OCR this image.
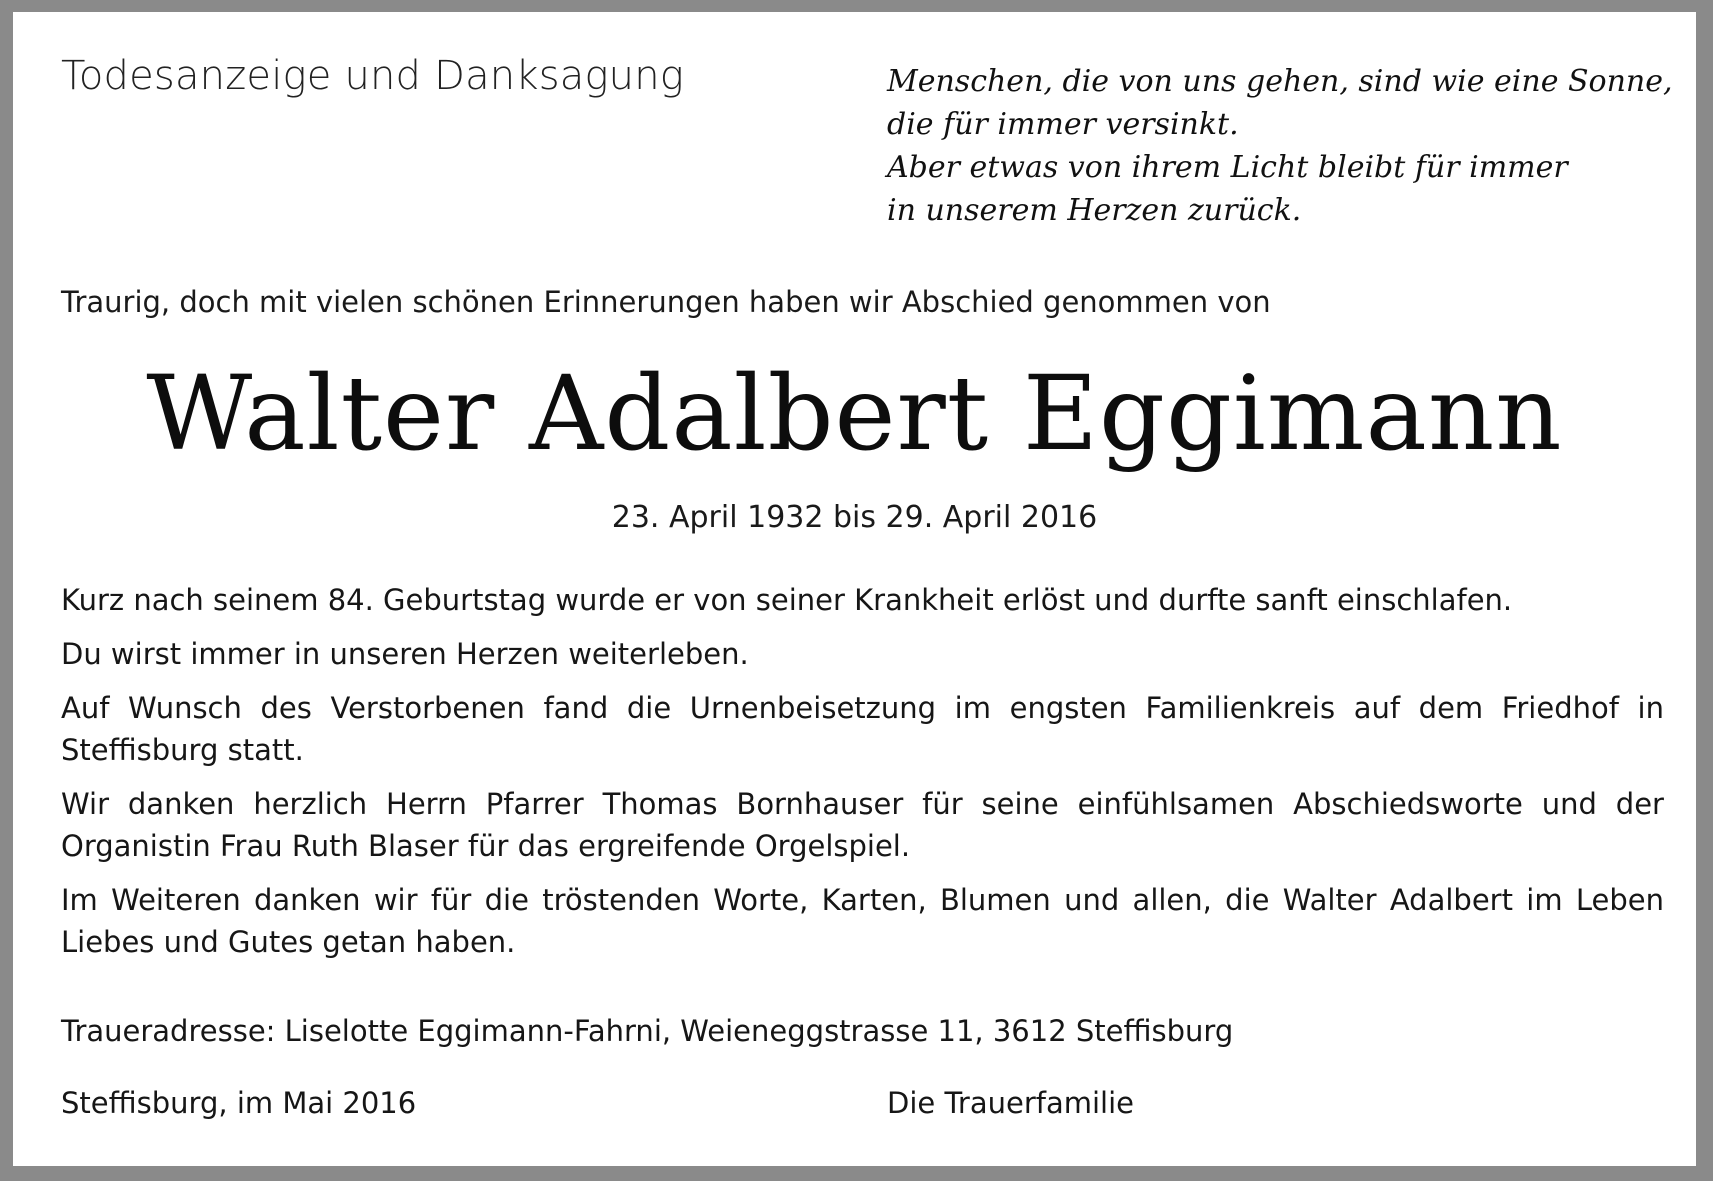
Todesanzeige und Danksagung	Menschen, die von uns gehen, sind wie eine Sonne,
die für immer versinkt.
Aber etwas von ihrem Licht bleibt für immer
in unserem Herzen zurück.
Traurig, doch mit vielen schönen Erinnerungen haben wir Abschied genommen von
Walter Adalbert Eggimann
23. April 1932 bis 29. April 2016

Kurz nach seinem 84. Geburtstag wurde er von seiner Krankheit erlöst und durfte sanft einschlafen.

Du wirst immer in unseren Herzen weiterleben.

Auf Wunsch des Verstorbenen fand die Urnenbeisetzung im engsten Familienkreis auf dem Friedhof in Steffisburg statt.

Wir danken herzlich Herrn Pfarrer Thomas Bornhauser für seine einfühlsamen Abschiedsworte und der Organistin Frau Ruth Blaser für das ergreifende Orgelspiel.

Im Weiteren danken wir für die tröstenden Worte, Karten, Blumen und allen, die Walter Adalbert im Leben Liebes und Gutes getan haben.

Traueradresse: Liselotte Eggimann-Fahrni, Weieneggstrasse 11, 3612 Steffisburg
Steffisburg, im Mai 2016	Die Trauerfamilie
